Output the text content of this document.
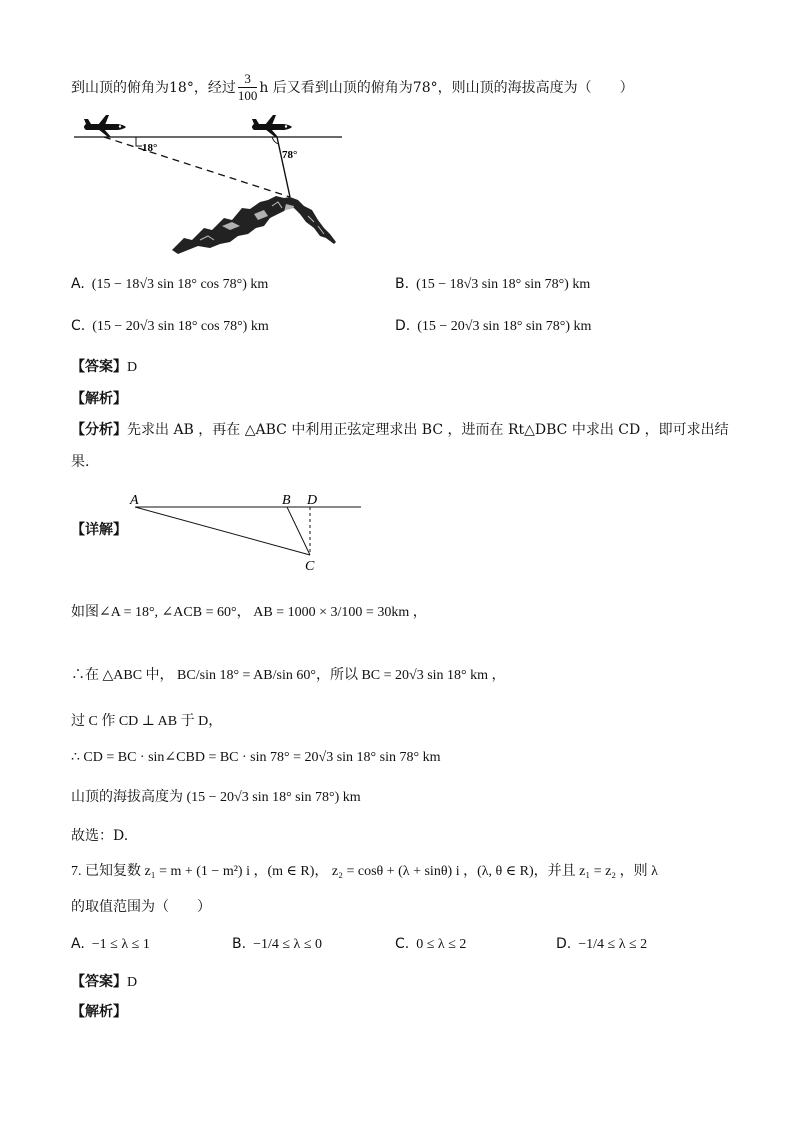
到山顶的俯角为18°，经过 $\frac{3}{100}$ h 后又看到山顶的俯角为78°，则山顶的海拔高度为（　　）
18°
78°
A. (15 − 18√3 sin 18° cos 78°) km	B. (15 − 18√3 sin 18° sin 78°) km
C. (15 − 20√3 sin 18° cos 78°) km	D. (15 − 20√3 sin 18° sin 78°) km
【答案】D
【解析】
【分析】先求出 AB ，再在 △ABC 中利用正弦定理求出 BC ，进而在 Rt△DBC 中求出 CD ，即可求出结
果.
【详解】
A	B D
C
如图∠A = 18°, ∠ACB = 60°， AB = 1000 × 3/100 = 30km ，
∴在 △ABC 中， BC/sin 18° = AB/sin 60°，所以 BC = 20√3 sin 18° km ，
过 C 作 CD ⊥ AB 于 D，
∴ CD = BC · sin∠CBD = BC · sin 78° = 20√3 sin 18° sin 78° km
山顶的海拔高度为 (15 − 20√3 sin 18° sin 78°) km
故选：D.
7. 已知复数 z₁ = m + (1 − m²) i ，(m ∈ R)， z₂ = cosθ + (λ + sinθ) i ，(λ, θ ∈ R)，并且 z₁ = z₂ ，则 λ
的取值范围为（　　）
A. −1 ≤ λ ≤ 1	B. −1/4 ≤ λ ≤ 0	C. 0 ≤ λ ≤ 2	D. −1/4 ≤ λ ≤ 2
【答案】D
【解析】
